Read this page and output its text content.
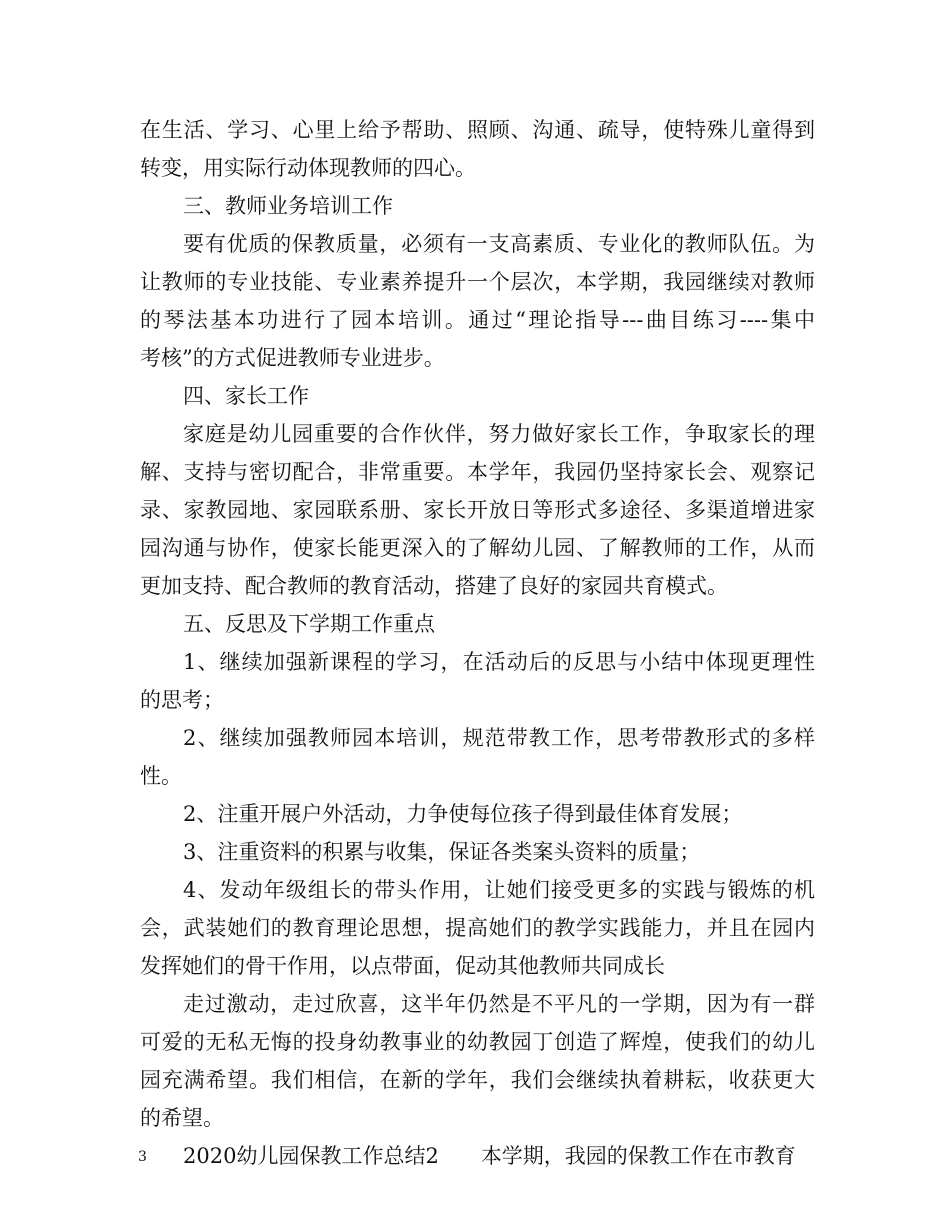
在生活、学习、心里上给予帮助、照顾、沟通、疏导，使特殊儿童得到

转变，用实际行动体现教师的四心。

三、教师业务培训工作

要有优质的保教质量，必须有一支高素质、专业化的教师队伍。为

让教师的专业技能、专业素养提升一个层次，本学期，我园继续对教师

的琴法基本功进行了园本培训。通过“理论指导---曲目练习----集中

考核”的方式促进教师专业进步。

四、家长工作

家庭是幼儿园重要的合作伙伴，努力做好家长工作，争取家长的理

解、支持与密切配合，非常重要。本学年，我园仍坚持家长会、观察记

录、家教园地、家园联系册、家长开放日等形式多途径、多渠道增进家

园沟通与协作，使家长能更深入的了解幼儿园、了解教师的工作，从而

更加支持、配合教师的教育活动，搭建了良好的家园共育模式。

五、反思及下学期工作重点

1、继续加强新课程的学习，在活动后的反思与小结中体现更理性

的思考；

2、继续加强教师园本培训，规范带教工作，思考带教形式的多样

性。

2、注重开展户外活动，力争使每位孩子得到最佳体育发展；

3、注重资料的积累与收集，保证各类案头资料的质量；

4、发动年级组长的带头作用，让她们接受更多的实践与锻炼的机

会，武装她们的教育理论思想，提高她们的教学实践能力，并且在园内

发挥她们的骨干作用，以点带面，促动其他教师共同成长

走过激动，走过欣喜，这半年仍然是不平凡的一学期，因为有一群

可爱的无私无悔的投身幼教事业的幼教园丁创造了辉煌，使我们的幼儿

园充满希望。我们相信，在新的学年，我们会继续执着耕耘，收获更大

的希望。

2020幼儿园保教工作总结2 本学期，我园的保教工作在市教育

3
